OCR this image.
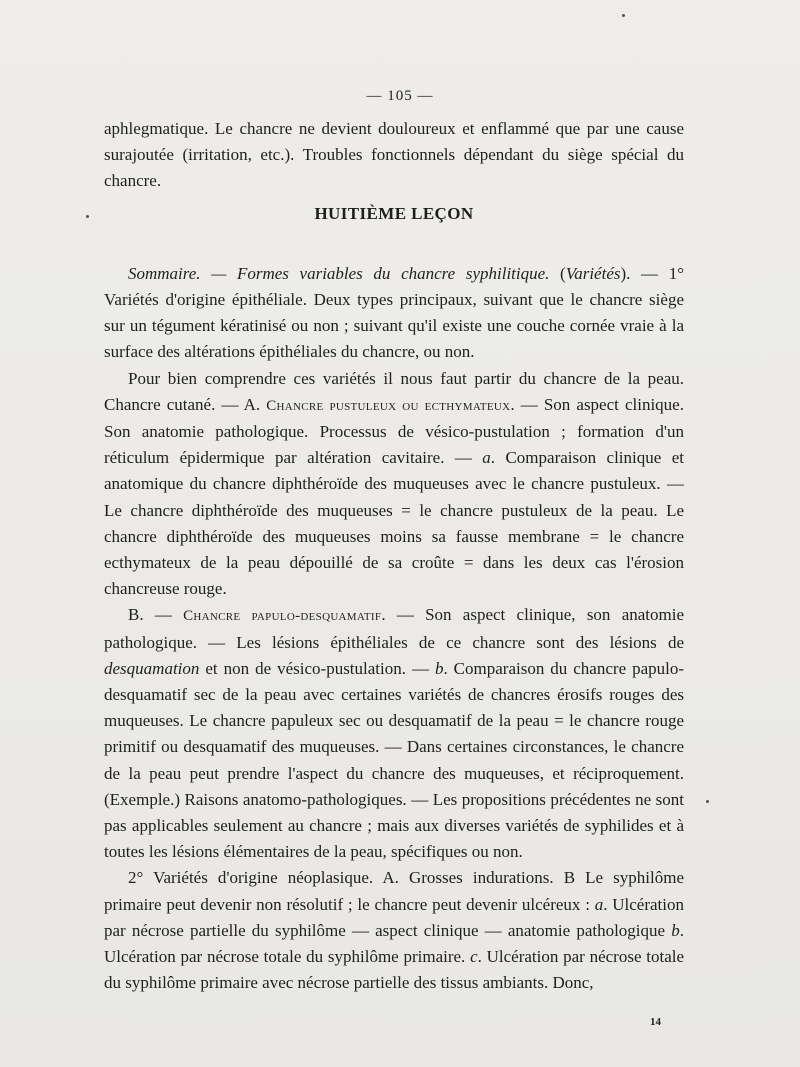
— 105 —

aphlegmatique. Le chancre ne devient douloureux et enflammé que par une cause surajoutée (irritation, etc.). Troubles fonctionnels dépendant du siège spécial du chancre.

HUITIÈME LEÇON

Sommaire. — Formes variables du chancre syphilitique. (Variétés). — 1° Variétés d'origine épithéliale. Deux types principaux, suivant que le chancre siège sur un tégument kératinisé ou non ; suivant qu'il existe une couche cornée vraie à la surface des altérations épithéliales du chancre, ou non.

Pour bien comprendre ces variétés il nous faut partir du chancre de la peau. Chancre cutané. — A. Chancre pustuleux ou ecthymateux. — Son aspect clinique. Son anatomie pathologique. Processus de vésico-pustulation ; formation d'un réticulum épidermique par altération cavitaire. — a. Comparaison clinique et anatomique du chancre diphthéroïde des muqueuses avec le chancre pustuleux. — Le chancre diphthéroïde des muqueuses = le chancre pustuleux de la peau. Le chancre diphthéroïde des muqueuses moins sa fausse membrane = le chancre ecthymateux de la peau dépouillé de sa croûte = dans les deux cas l'érosion chancreuse rouge.

B. — Chancre papulo-desquamatif. — Son aspect clinique, son anatomie pathologique. — Les lésions épithéliales de ce chancre sont des lésions de desquamation et non de vésico-pustulation. — b. Comparaison du chancre papulo-desquamatif sec de la peau avec certaines variétés de chancres érosifs rouges des muqueuses. Le chancre papuleux sec ou desquamatif de la peau = le chancre rouge primitif ou desquamatif des muqueuses. — Dans certaines circonstances, le chancre de la peau peut prendre l'aspect du chancre des muqueuses, et réciproquement. (Exemple.) Raisons anatomo-pathologiques. — Les propositions précédentes ne sont pas applicables seulement au chancre ; mais aux diverses variétés de syphilides et à toutes les lésions élémentaires de la peau, spécifiques ou non.

2° Variétés d'origine néoplasique. A. Grosses indurations. B Le syphilôme primaire peut devenir non résolutif ; le chancre peut devenir ulcéreux : a. Ulcération par nécrose partielle du syphilôme — aspect clinique — anatomie pathologique b. Ulcération par nécrose totale du syphilôme primaire. c. Ulcération par nécrose totale du syphilôme primaire avec nécrose partielle des tissus ambiants. Donc,

14
